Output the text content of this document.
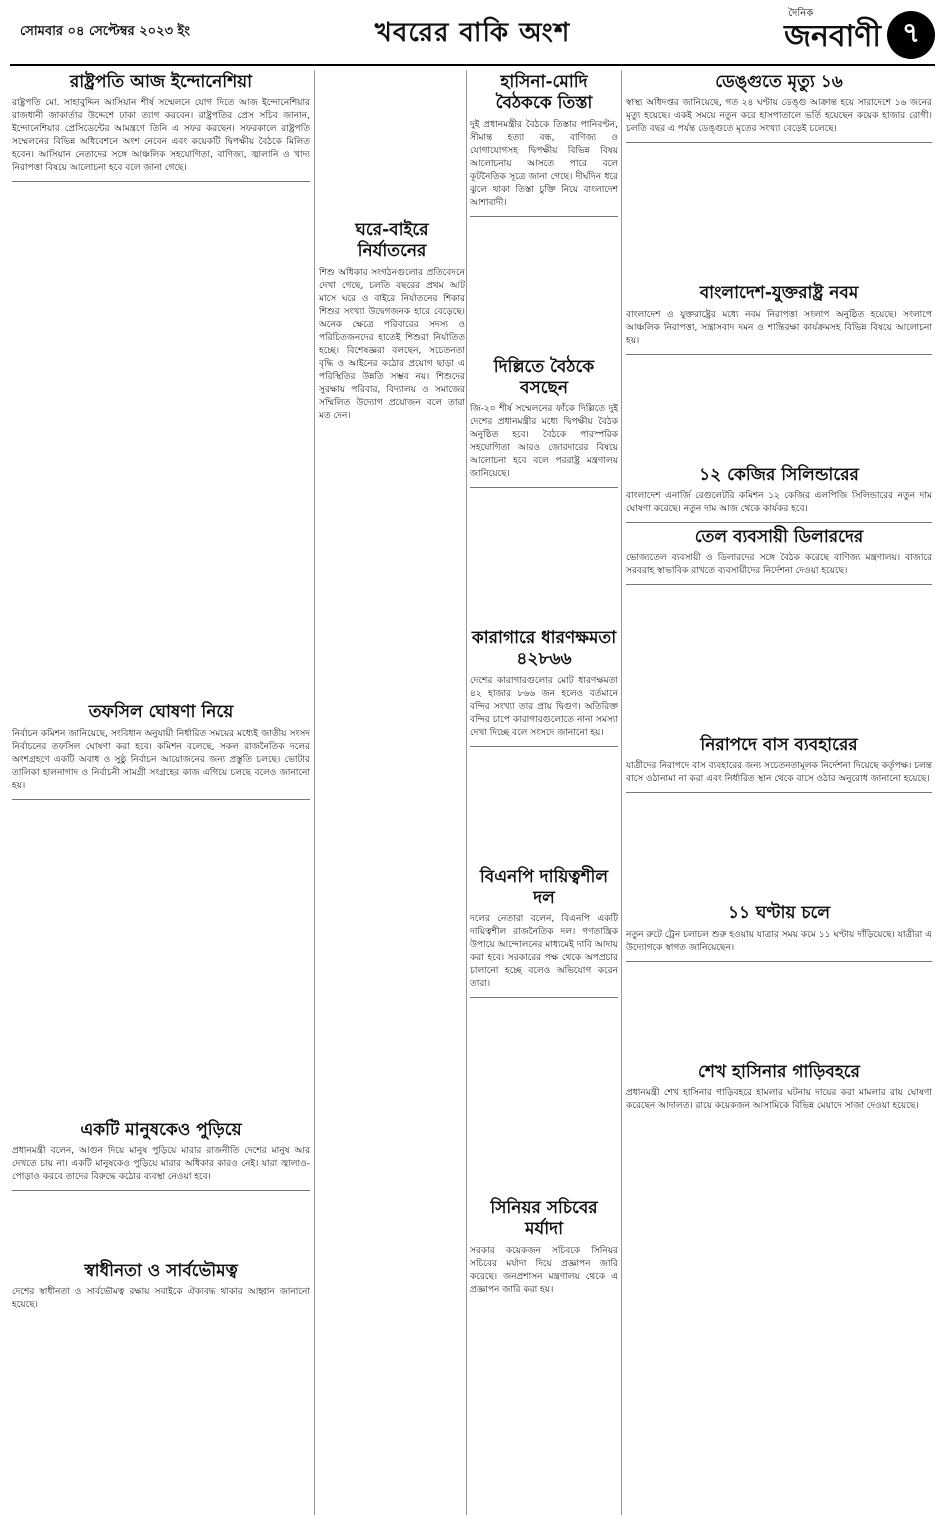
সোমবার ০৪ সেপ্টেম্বর ২০২৩ ইং	খবরের বাকি অংশ
দৈনিক
জনবাণী ৭
রাষ্ট্রপতি আজ ইন্দোনেশিয়া

রাষ্ট্রপতি মো. সাহাবুদ্দিন আসিয়ান শীর্ষ সম্মেলনে যোগ দিতে আজ ইন্দোনেশিয়ার রাজধানী জাকার্তার উদ্দেশে ঢাকা ত্যাগ করবেন। রাষ্ট্রপতির প্রেস সচিব জানান, ইন্দোনেশিয়ার প্রেসিডেন্টের আমন্ত্রণে তিনি এ সফর করছেন। সফরকালে রাষ্ট্রপতি সম্মেলনের বিভিন্ন অধিবেশনে অংশ নেবেন এবং কয়েকটি দ্বিপক্ষীয় বৈঠকে মিলিত হবেন। আসিয়ান নেতাদের সঙ্গে আঞ্চলিক সহযোগিতা, বাণিজ্য, জ্বালানি ও খাদ্য নিরাপত্তা বিষয়ে আলোচনা হবে বলে জানা গেছে।

তফসিল ঘোষণা নিয়ে

নির্বাচন কমিশন জানিয়েছে, সংবিধান অনুযায়ী নির্ধারিত সময়ের মধ্যেই জাতীয় সংসদ নির্বাচনের তফসিল ঘোষণা করা হবে। কমিশন বলেছে, সকল রাজনৈতিক দলের অংশগ্রহণে একটি অবাধ ও সুষ্ঠু নির্বাচন আয়োজনের জন্য প্রস্তুতি চলছে। ভোটার তালিকা হালনাগাদ ও নির্বাচনী সামগ্রী সংগ্রহের কাজ এগিয়ে চলছে বলেও জানানো হয়।

একটি মানুষকেও পুড়িয়ে

প্রধানমন্ত্রী বলেন, আগুন দিয়ে মানুষ পুড়িয়ে মারার রাজনীতি দেশের মানুষ আর দেখতে চায় না। একটি মানুষকেও পুড়িয়ে মারার অধিকার কারও নেই। যারা জ্বালাও-পোড়াও করবে তাদের বিরুদ্ধে কঠোর ব্যবস্থা নেওয়া হবে।

স্বাধীনতা ও সার্বভৌমত্ব

দেশের স্বাধীনতা ও সার্বভৌমত্ব রক্ষায় সবাইকে ঐক্যবদ্ধ থাকার আহ্বান জানানো হয়েছে।

ঘরে-বাইরে নির্যাতনের

শিশু অধিকার সংগঠনগুলোর প্রতিবেদনে দেখা গেছে, চলতি বছরের প্রথম আট মাসে ঘরে ও বাইরে নির্যাতনের শিকার শিশুর সংখ্যা উদ্বেগজনক হারে বেড়েছে। অনেক ক্ষেত্রে পরিবারের সদস্য ও পরিচিতজনদের হাতেই শিশুরা নির্যাতিত হচ্ছে। বিশেষজ্ঞরা বলছেন, সচেতনতা বৃদ্ধি ও আইনের কঠোর প্রয়োগ ছাড়া এ পরিস্থিতির উন্নতি সম্ভব নয়। শিশুদের সুরক্ষায় পরিবার, বিদ্যালয় ও সমাজের সম্মিলিত উদ্যোগ প্রয়োজন বলে তারা মত দেন।

হাসিনা-মোদি বৈঠককে তিস্তা

দুই প্রধানমন্ত্রীর বৈঠকে তিস্তার পানিবণ্টন, সীমান্ত হত্যা বন্ধ, বাণিজ্য ও যোগাযোগসহ দ্বিপক্ষীয় বিভিন্ন বিষয় আলোচনায় আসতে পারে বলে কূটনৈতিক সূত্রে জানা গেছে। দীর্ঘদিন ধরে ঝুলে থাকা তিস্তা চুক্তি নিয়ে বাংলাদেশ আশাবাদী।

দিল্লিতে বৈঠকে বসছেন

জি-২০ শীর্ষ সম্মেলনের ফাঁকে দিল্লিতে দুই দেশের প্রধানমন্ত্রীর মধ্যে দ্বিপক্ষীয় বৈঠক অনুষ্ঠিত হবে। বৈঠকে পারস্পরিক সহযোগিতা আরও জোরদারের বিষয়ে আলোচনা হবে বলে পররাষ্ট্র মন্ত্রণালয় জানিয়েছে।

কারাগারে ধারণক্ষমতা ৪২৮৬৬

দেশের কারাগারগুলোর মোট ধারণক্ষমতা ৪২ হাজার ৮৬৬ জন হলেও বর্তমানে বন্দির সংখ্যা তার প্রায় দ্বিগুণ। অতিরিক্ত বন্দির চাপে কারাগারগুলোতে নানা সমস্যা দেখা দিচ্ছে বলে সংসদে জানানো হয়।

বিএনপি দায়িত্বশীল দল

দলের নেতারা বলেন, বিএনপি একটি দায়িত্বশীল রাজনৈতিক দল। গণতান্ত্রিক উপায়ে আন্দোলনের মাধ্যমেই দাবি আদায় করা হবে। সরকারের পক্ষ থেকে অপপ্রচার চালানো হচ্ছে বলেও অভিযোগ করেন তারা।

সিনিয়র সচিবের মর্যাদা

সরকার কয়েকজন সচিবকে সিনিয়র সচিবের মর্যাদা দিয়ে প্রজ্ঞাপন জারি করেছে। জনপ্রশাসন মন্ত্রণালয় থেকে এ প্রজ্ঞাপন জারি করা হয়।

ডেঙ্গুতে মৃত্যু ১৬

স্বাস্থ্য অধিদপ্তর জানিয়েছে, গত ২৪ ঘণ্টায় ডেঙ্গু আক্রান্ত হয়ে সারাদেশে ১৬ জনের মৃত্যু হয়েছে। একই সময়ে নতুন করে হাসপাতালে ভর্তি হয়েছেন কয়েক হাজার রোগী। চলতি বছর এ পর্যন্ত ডেঙ্গুতে মৃতের সংখ্যা বেড়েই চলেছে।

বাংলাদেশ-যুক্তরাষ্ট্র নবম

বাংলাদেশ ও যুক্তরাষ্ট্রের মধ্যে নবম নিরাপত্তা সংলাপ অনুষ্ঠিত হয়েছে। সংলাপে আঞ্চলিক নিরাপত্তা, সন্ত্রাসবাদ দমন ও শান্তিরক্ষা কার্যক্রমসহ বিভিন্ন বিষয়ে আলোচনা হয়।

১২ কেজির সিলিন্ডারের

বাংলাদেশ এনার্জি রেগুলেটরি কমিশন ১২ কেজির এলপিজি সিলিন্ডারের নতুন দাম ঘোষণা করেছে। নতুন দাম আজ থেকে কার্যকর হবে।

তেল ব্যবসায়ী ডিলারদের

ভোজ্যতেল ব্যবসায়ী ও ডিলারদের সঙ্গে বৈঠক করেছে বাণিজ্য মন্ত্রণালয়। বাজারে সরবরাহ স্বাভাবিক রাখতে ব্যবসায়ীদের নির্দেশনা দেওয়া হয়েছে।

নিরাপদে বাস ব্যবহারের

যাত্রীদের নিরাপদে বাস ব্যবহারের জন্য সচেতনতামূলক নির্দেশনা দিয়েছে কর্তৃপক্ষ। চলন্ত বাসে ওঠানামা না করা এবং নির্ধারিত স্থান থেকে বাসে ওঠার অনুরোধ জানানো হয়েছে।

১১ ঘণ্টায় চলে

নতুন রুটে ট্রেন চলাচল শুরু হওয়ায় যাত্রার সময় কমে ১১ ঘণ্টায় দাঁড়িয়েছে। যাত্রীরা এ উদ্যোগকে স্বাগত জানিয়েছেন।

শেখ হাসিনার গাড়িবহরে

প্রধানমন্ত্রী শেখ হাসিনার গাড়িবহরে হামলার ঘটনায় দায়ের করা মামলার রায় ঘোষণা করেছেন আদালত। রায়ে কয়েকজন আসামিকে বিভিন্ন মেয়াদে সাজা দেওয়া হয়েছে।
